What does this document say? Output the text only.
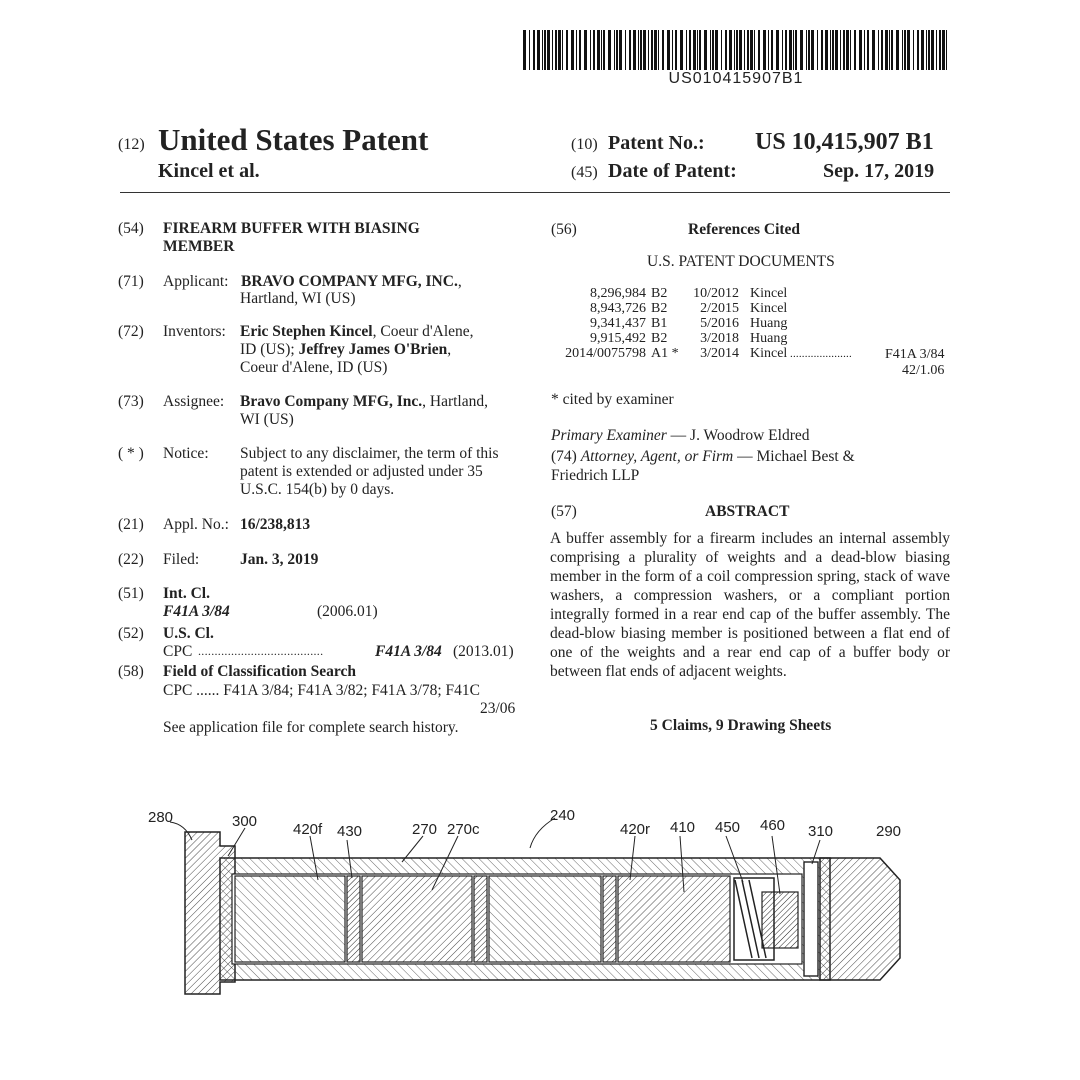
US010415907B1
(12) United States Patent
Kincel et al.
(10) Patent No.: US 10,415,907 B1
(45) Date of Patent:	Sep. 17, 2019
(54)	FIREARM BUFFER WITH BIASING
MEMBER
(71)	Applicant: BRAVO COMPANY MFG, INC.,
Hartland, WI (US)
(72)	Inventors: Eric Stephen Kincel, Coeur d'Alene,
ID (US); Jeffrey James O'Brien,
Coeur d'Alene, ID (US)
(73)	Assignee: Bravo Company MFG, Inc., Hartland,
WI (US)
( * )	Notice: Subject to any disclaimer, the term of this
patent is extended or adjusted under 35
U.S.C. 154(b) by 0 days.
(21)	Appl. No.: 16/238,813
(22)	Filed:	Jan. 3, 2019
(51)	Int. Cl.
F41A 3/84	(2006.01)
(52)	U.S. Cl.
CPC ......................................	F41A 3/84 (2013.01)
(58)	Field of Classification Search
CPC ...... F41A 3/84; F41A 3/82; F41A 3/78; F41C
23/06
See application file for complete search history.
(56)	References Cited
U.S. PATENT DOCUMENTS
8,296,984 B2 10/2012 Kincel
8,943,726 B2 2/2015 Kincel
9,341,437 B1 5/2016 Huang
9,915,492 B2 3/2018 Huang
2014/0075798 A1 * 3/2014 Kincel ..................... F41A 3/84
42/1.06
* cited by examiner
Primary Examiner — J. Woodrow Eldred
(74) Attorney, Agent, or Firm — Michael Best &
Friedrich LLP
(57)	ABSTRACT
A buffer assembly for a firearm includes an internal assembly comprising a plurality of weights and a dead-blow biasing member in the form of a coil compression spring, stack of wave washers, a compression washers, or a compliant portion integrally formed in a rear end cap of the buffer assembly. The dead-blow biasing member is positioned between a flat end of one of the weights and a rear end cap of a buffer body or between flat ends of adjacent weights.
5 Claims, 9 Drawing Sheets
280	300 420f 430	270 270c
240
420r 410 450 460 310	290
